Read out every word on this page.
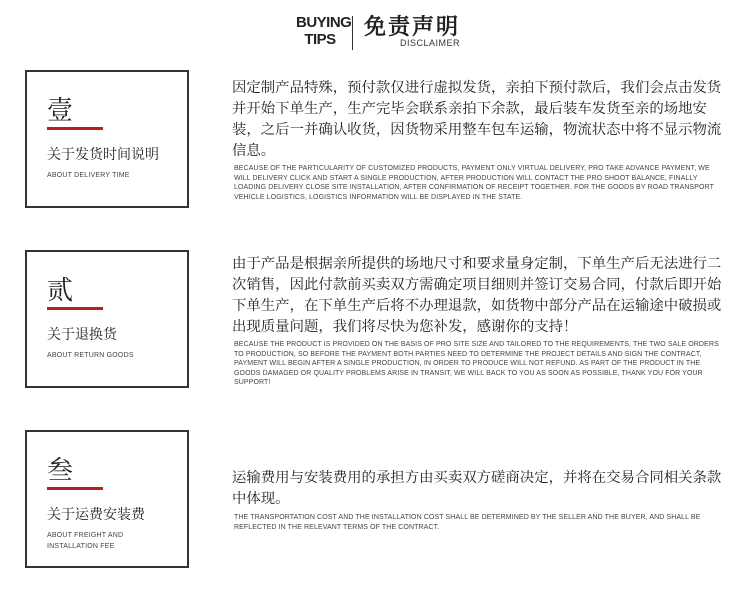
BUYING
TIPS	免责声明
DISCLAIMER
壹
关于发货时间说明
ABOUT DELIVERY TIME
因定制产品特殊，预付款仅进行虚拟发货，亲拍下预付款后，我们会点击发货并开始下单生产，生产完毕会联系亲拍下余款，最后装车发货至亲的场地安装，之后一并确认收货，因货物采用整车包车运输，物流状态中将不显示物流信息。
BECAUSE OF THE PARTICULARITY OF CUSTOMIZED PRODUCTS, PAYMENT ONLY VIRTUAL DELIVERY, PRO TAKE ADVANCE PAYMENT, WE WILL DELIVERY CLICK AND START A SINGLE PRODUCTION, AFTER PRODUCTION WILL CONTACT THE PRO SHOOT BALANCE, FINALLY LOADING DELIVERY CLOSE SITE INSTALLATION, AFTER CONFIRMATION OF RECEIPT TOGETHER. FOR THE GOODS BY ROAD TRANSPORT VEHICLE LOGISTICS, LOGISTICS INFORMATION WILL BE DISPLAYED IN THE STATE.
贰
关于退换货
ABOUT RETURN GOODS
由于产品是根据亲所提供的场地尺寸和要求量身定制，下单生产后无法进行二次销售，因此付款前买卖双方需确定项目细则并签订交易合同，付款后即开始下单生产，在下单生产后将不办理退款，如货物中部分产品在运输途中破损或出现质量问题，我们将尽快为您补发，感谢你的支持！
BECAUSE THE PRODUCT IS PROVIDED ON THE BASIS OF PRO SITE SIZE AND TAILORED TO THE REQUIREMENTS, THE TWO SALE ORDERS TO PRODUCTION, SO BEFORE THE PAYMENT BOTH PARTIES NEED TO DETERMINE THE PROJECT DETAILS AND SIGN THE CONTRACT, PAYMENT WILL BEGIN AFTER A SINGLE PRODUCTION, IN ORDER TO PRODUCE WILL NOT REFUND. AS PART OF THE PRODUCT IN THE GOODS DAMAGED OR QUALITY PROBLEMS ARISE IN TRANSIT, WE WILL BACK TO YOU AS SOON AS POSSIBLE, THANK YOU FOR YOUR SUPPORT!
叁
关于运费安装费
ABOUT FREIGHT AND INSTALLATION FEE
运输费用与安装费用的承担方由买卖双方磋商决定，并将在交易合同相关条款中体现。
THE TRANSPORTATION COST AND THE INSTALLATION COST SHALL BE DETERMINED BY THE SELLER AND THE BUYER, AND SHALL BE REFLECTED IN THE RELEVANT TERMS OF THE CONTRACT.
